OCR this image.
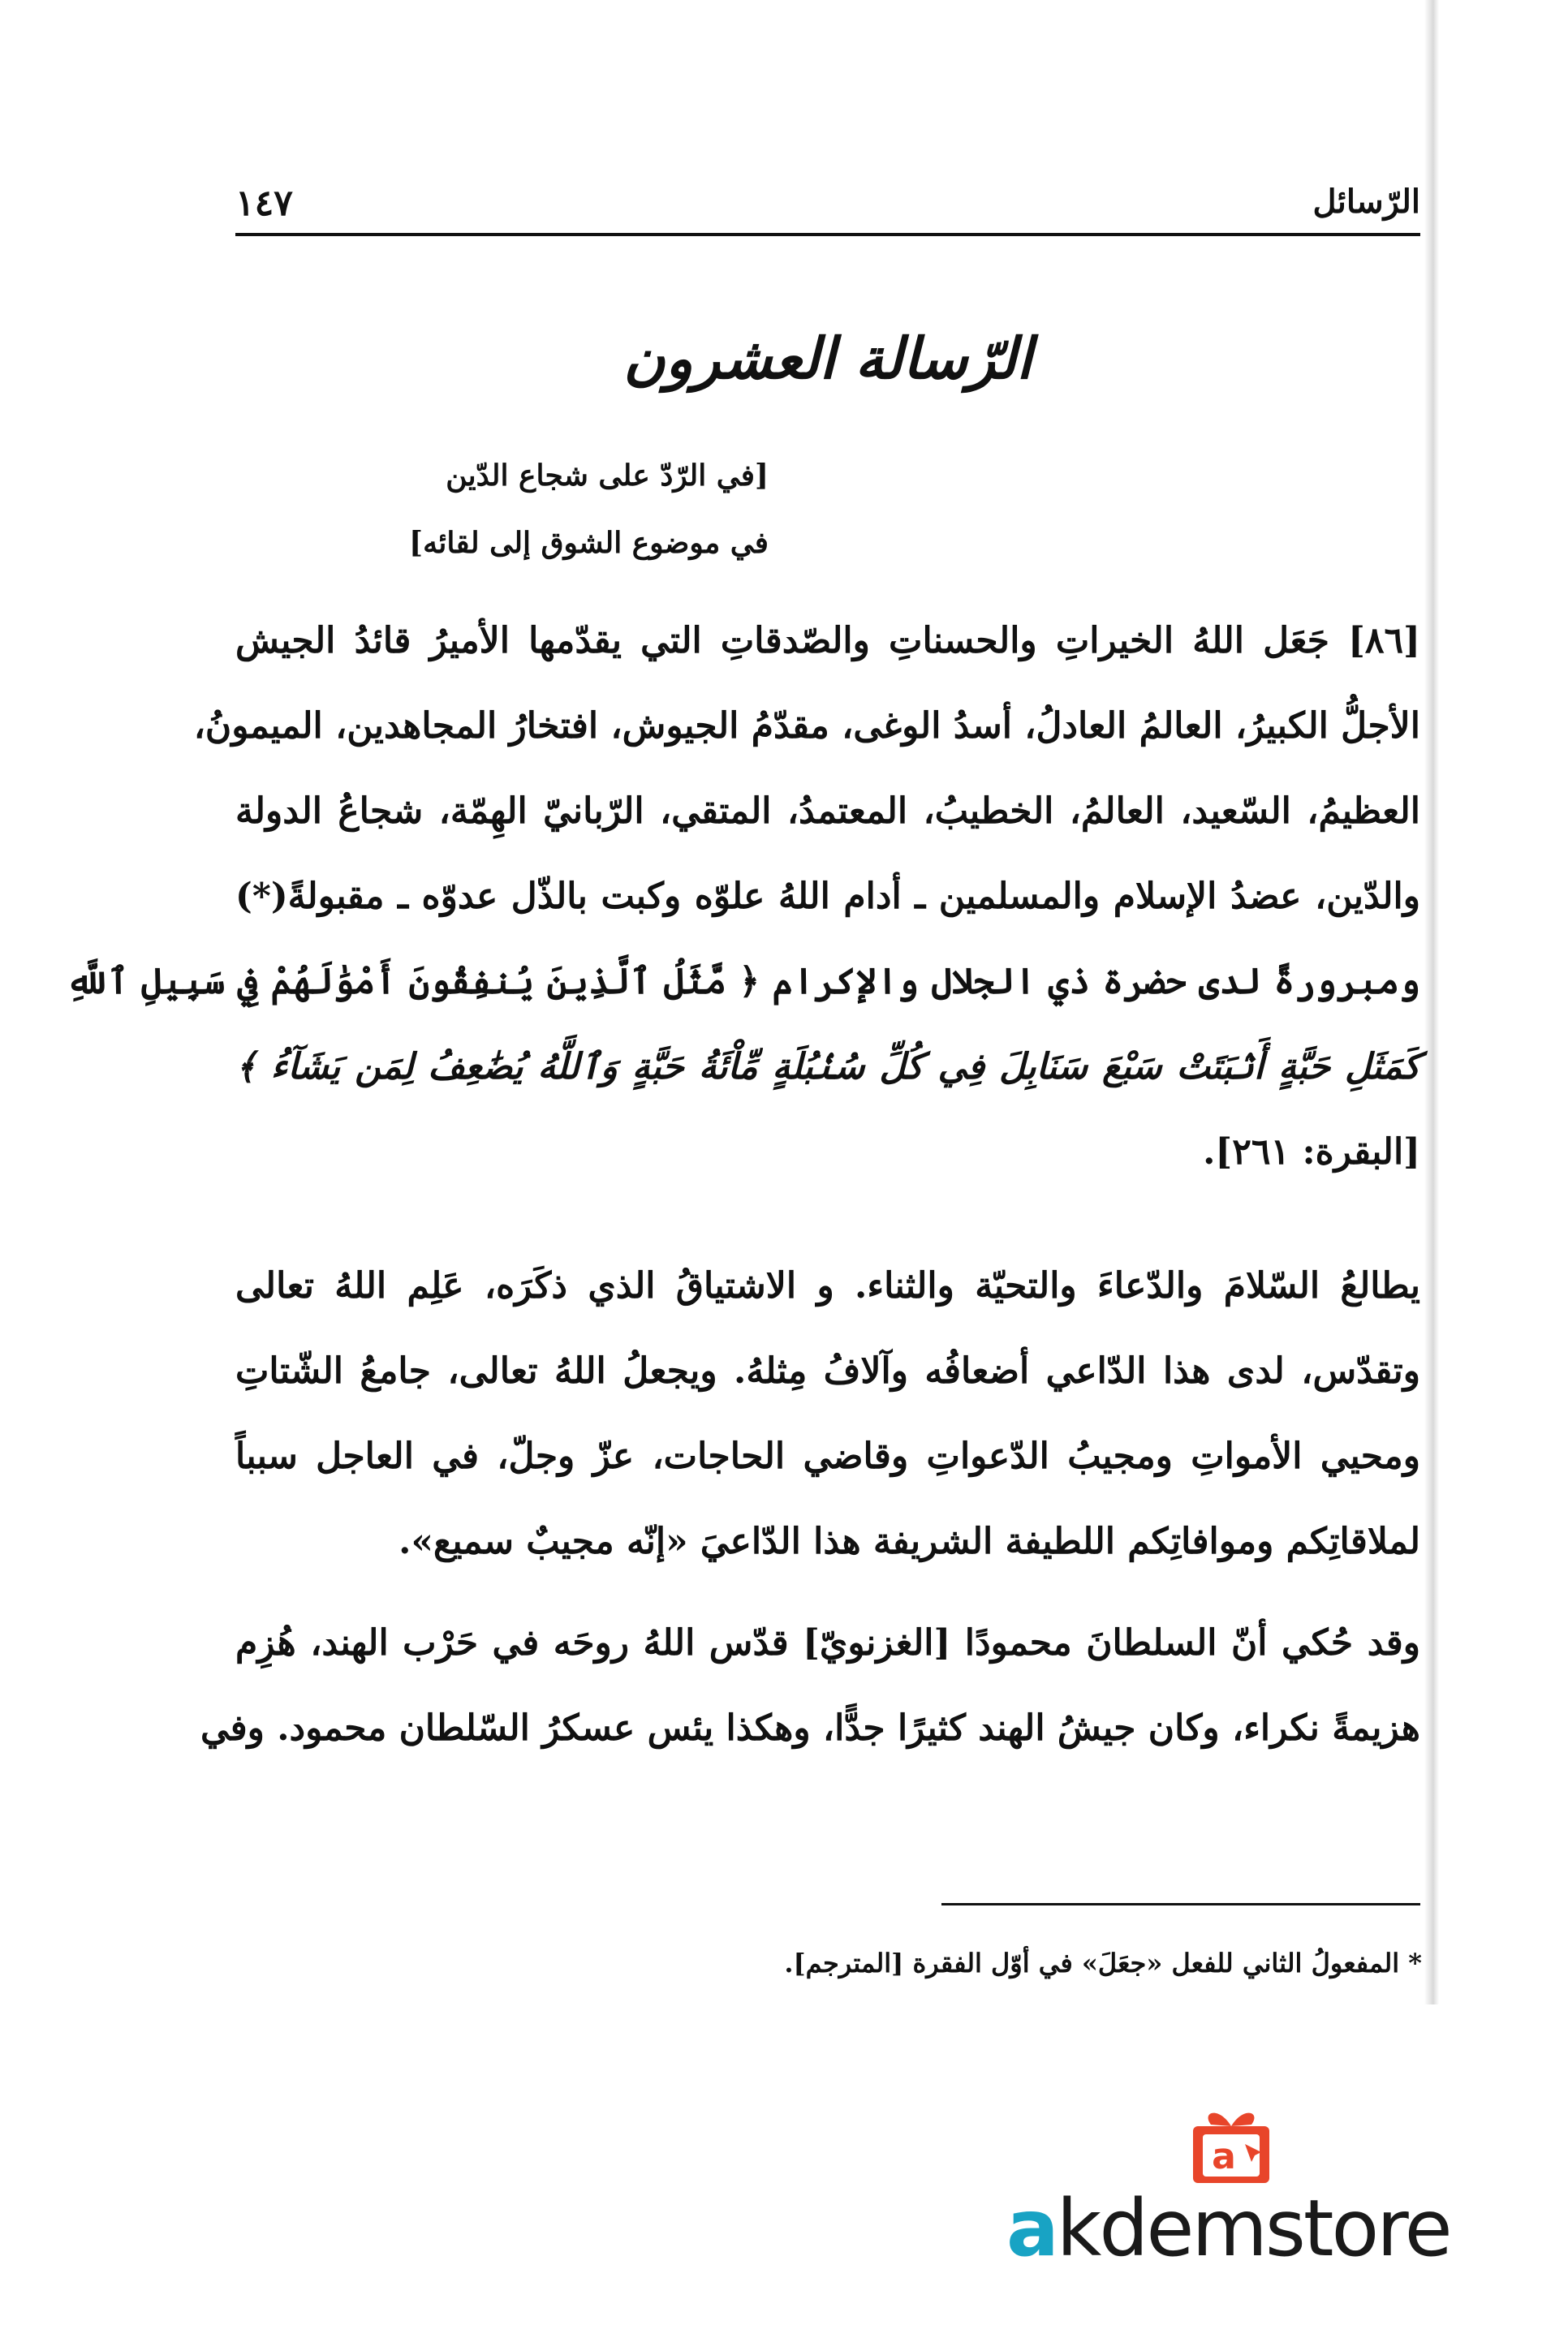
الرّسائل
١٤٧
الرّسالة العشرون
[في الرّدّ على شجاع الدّين
في موضوع الشوق إلى لقائه]
[٨٦] جَعَل اللهُ الخيراتِ والحسناتِ والصّدقاتِ التي يقدّمها الأميرُ قائدُ الجيش
الأجلُّ الكبيرُ، العالمُ العادلُ، أسدُ الوغى، مقدّمُ الجيوش، افتخارُ المجاهدين، الميمونُ،
العظيمُ، السّعيد، العالمُ، الخطيبُ، المعتمدُ، المتقي، الرّبانيّ الهِمّة، شجاعُ الدولة
والدّين، عضدُ الإسلام والمسلمين ـ أدام اللهُ علوّه وكبت بالذّل عدوّه ـ مقبولةً(*)
ومبرورةً لدى حضرة ذي الجلال والإكرام ﴿ مَّثَلُ ٱلَّذِينَ يُنفِقُونَ أَمْوَٰلَهُمْ فِي سَبِيلِ ٱللَّهِ
كَمَثَلِ حَبَّةٍ أَنۢبَتَتْ سَبْعَ سَنَابِلَ فِي كُلِّ سُنۢبُلَةٍ مِّاْئَةُ حَبَّةٍ وَٱللَّهُ يُضَٰعِفُ لِمَن يَشَآءُ ﴾
[البقرة: ٢٦١].
يطالعُ السّلامَ والدّعاءَ والتحيّة والثناء. و الاشتياقُ الذي ذكَرَه، عَلِم اللهُ تعالى
وتقدّس، لدى هذا الدّاعي أضعافُه وآلافُ مِثلهُ. ويجعلُ اللهُ تعالى، جامعُ الشّتاتِ
ومحيي الأمواتِ ومجيبُ الدّعواتِ وقاضي الحاجات، عزّ وجلّ، في العاجل سبباً
لملاقاتِكم وموافاتِكم اللطيفة الشريفة هذا الدّاعيَ «إنّه مجيبٌ سميع».
وقد حُكي أنّ السلطانَ محمودًا [الغزنويّ] قدّس اللهُ روحَه في حَرْب الهند، هُزِم
هزيمةً نكراء، وكان جيشُ الهند كثيرًا جدًّا، وهكذا يئس عسكرُ السّلطان محمود. وفي
* المفعولُ الثاني للفعل «جعَلَ» في أوّل الفقرة [المترجم].
a
akdemstore
